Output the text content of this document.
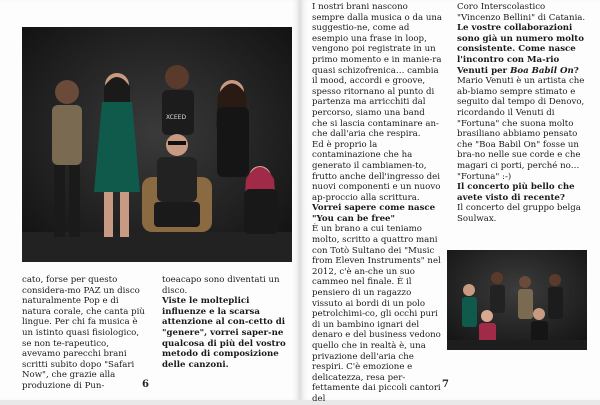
XCEED

cato, forse per questo considera-mo PAZ un disco naturalmente Pop e di natura corale, che canta più lingue. Per chi fa musica è un istinto quasi fisiologico, se non te-rapeutico, avevamo parecchi brani scritti subito dopo "Safari Now", che grazie alla produzione di Pun-

toeacapo sono diventati un disco.

Viste le molteplici influenze e la scarsa attenzione al con-cetto di "genere", vorrei saper-ne qualcosa di più del vostro metodo di composizione delle canzoni.

6

I nostri brani nascono sempre dalla musica o da una suggestio-ne, come ad esempio una frase in loop, vengono poi registrate in un primo momento e in manie-ra quasi schizofrenica… cambia il mood, accordi e groove, spesso ritornano al punto di partenza ma arricchiti dal percorso, siamo una band che si lascia contaminare an-che dall'aria che respira.

Ed è proprio la contaminazione che ha generato il cambiamen-to, frutto anche dell'ingresso dei nuovi componenti e un nuovo ap-proccio alla scrittura.

Vorrei sapere come nasce "You can be free"

È un brano a cui teniamo molto, scritto a quattro mani con Totò Sultano dei "Music from Eleven Instruments" nel 2012, c'è an-che un suo cammeo nel finale. È il pensiero di un ragazzo vissuto ai bordi di un polo petrolchimi-co, gli occhi puri di un bambino ignari del denaro e del business vedono quello che in realtà è, una privazione dell'aria che respiri. C'è emozione e delicatezza, resa per-fettamente dai piccoli cantori del

Coro Interscolastico "Vincenzo Bellini" di Catania.

Le vostre collaborazioni sono già un numero molto consistente. Come nasce l'incontro con Ma-rio Venuti per Boa Babil On?

Mario Venuti è un artista che ab-biamo sempre stimato e seguito dal tempo di Denovo, ricordando il Venuti di "Fortuna" che suona molto brasiliano abbiamo pensato che "Boa Babil On" fosse un bra-no nelle sue corde e che magari ci porti, perché no… "Fortuna" :-)

Il concerto più bello che avete visto di recente?

Il concerto del gruppo belga Soulwax.

7
